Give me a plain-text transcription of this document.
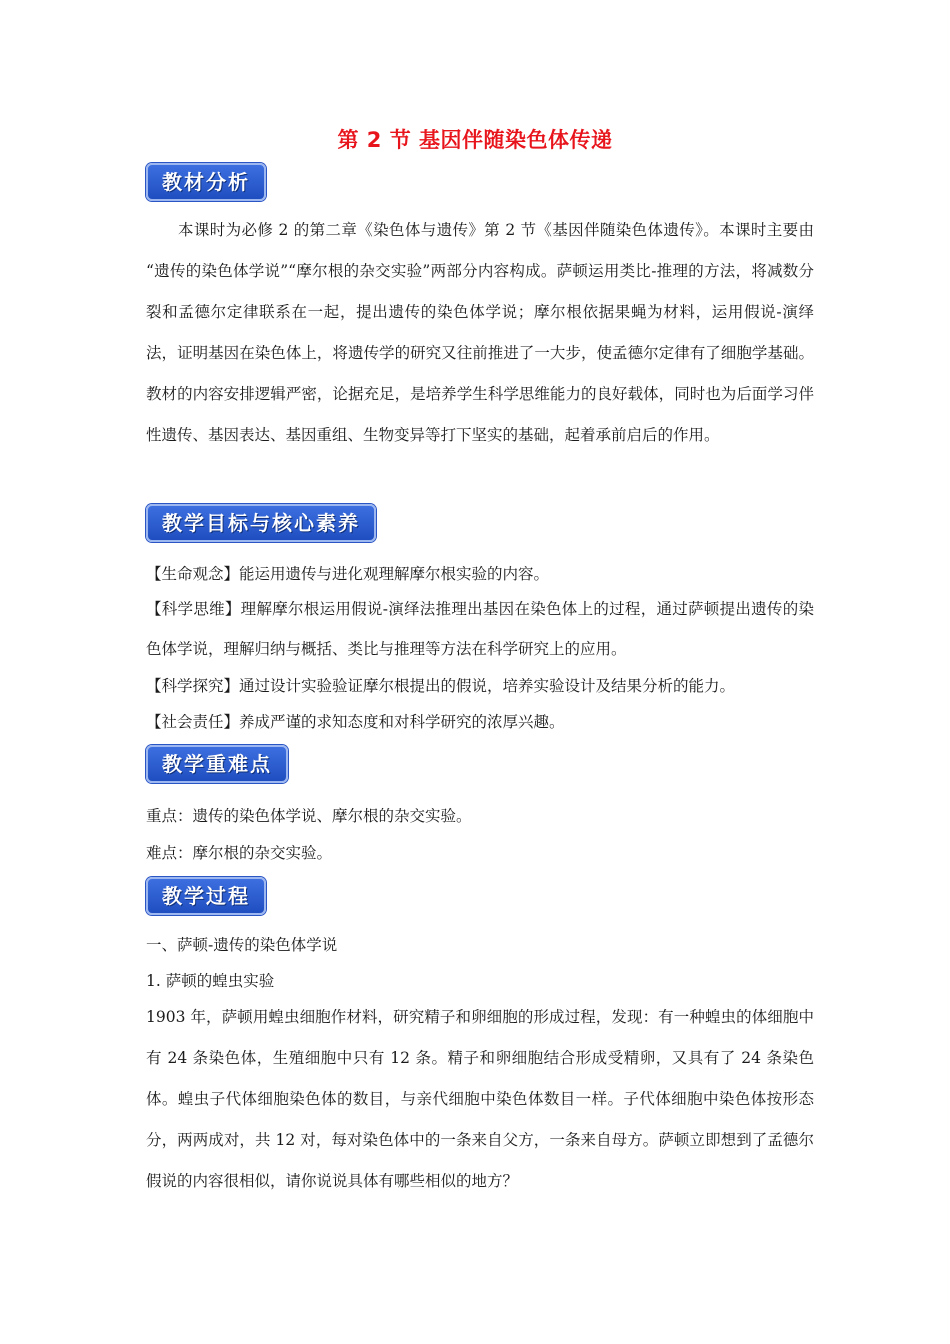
第 2 节 基因伴随染色体传递
教材分析
本课时为必修 2 的第二章《染色体与遗传》第 2 节《基因伴随染色体遗传》。本课时主要由 “遗传的染色体学说”“摩尔根的杂交实验”两部分内容构成。萨顿运用类比-推理的方法，将减数分裂和孟德尔定律联系在一起，提出遗传的染色体学说；摩尔根依据果蝇为材料，运用假说-演绎法，证明基因在染色体上，将遗传学的研究又往前推进了一大步，使孟德尔定律有了细胞学基础。教材的内容安排逻辑严密，论据充足，是培养学生科学思维能力的良好载体，同时也为后面学习伴性遗传、基因表达、基因重组、生物变异等打下坚实的基础，起着承前启后的作用。
教学目标与核心素养
【生命观念】能运用遗传与进化观理解摩尔根实验的内容。
【科学思维】理解摩尔根运用假说-演绎法推理出基因在染色体上的过程，通过萨顿提出遗传的染色体学说，理解归纳与概括、类比与推理等方法在科学研究上的应用。
【科学探究】通过设计实验验证摩尔根提出的假说，培养实验设计及结果分析的能力。
【社会责任】养成严谨的求知态度和对科学研究的浓厚兴趣。
教学重难点
重点：遗传的染色体学说、摩尔根的杂交实验。
难点：摩尔根的杂交实验。
教学过程
一、萨顿-遗传的染色体学说
1. 萨顿的蝗虫实验
1903 年，萨顿用蝗虫细胞作材料，研究精子和卵细胞的形成过程，发现：有一种蝗虫的体细胞中有 24 条染色体，生殖细胞中只有 12 条。精子和卵细胞结合形成受精卵，又具有了 24 条染色体。蝗虫子代体细胞染色体的数目，与亲代细胞中染色体数目一样。子代体细胞中染色体按形态分，两两成对，共 12 对，每对染色体中的一条来自父方，一条来自母方。萨顿立即想到了孟德尔假说的内容很相似，请你说说具体有哪些相似的地方？
